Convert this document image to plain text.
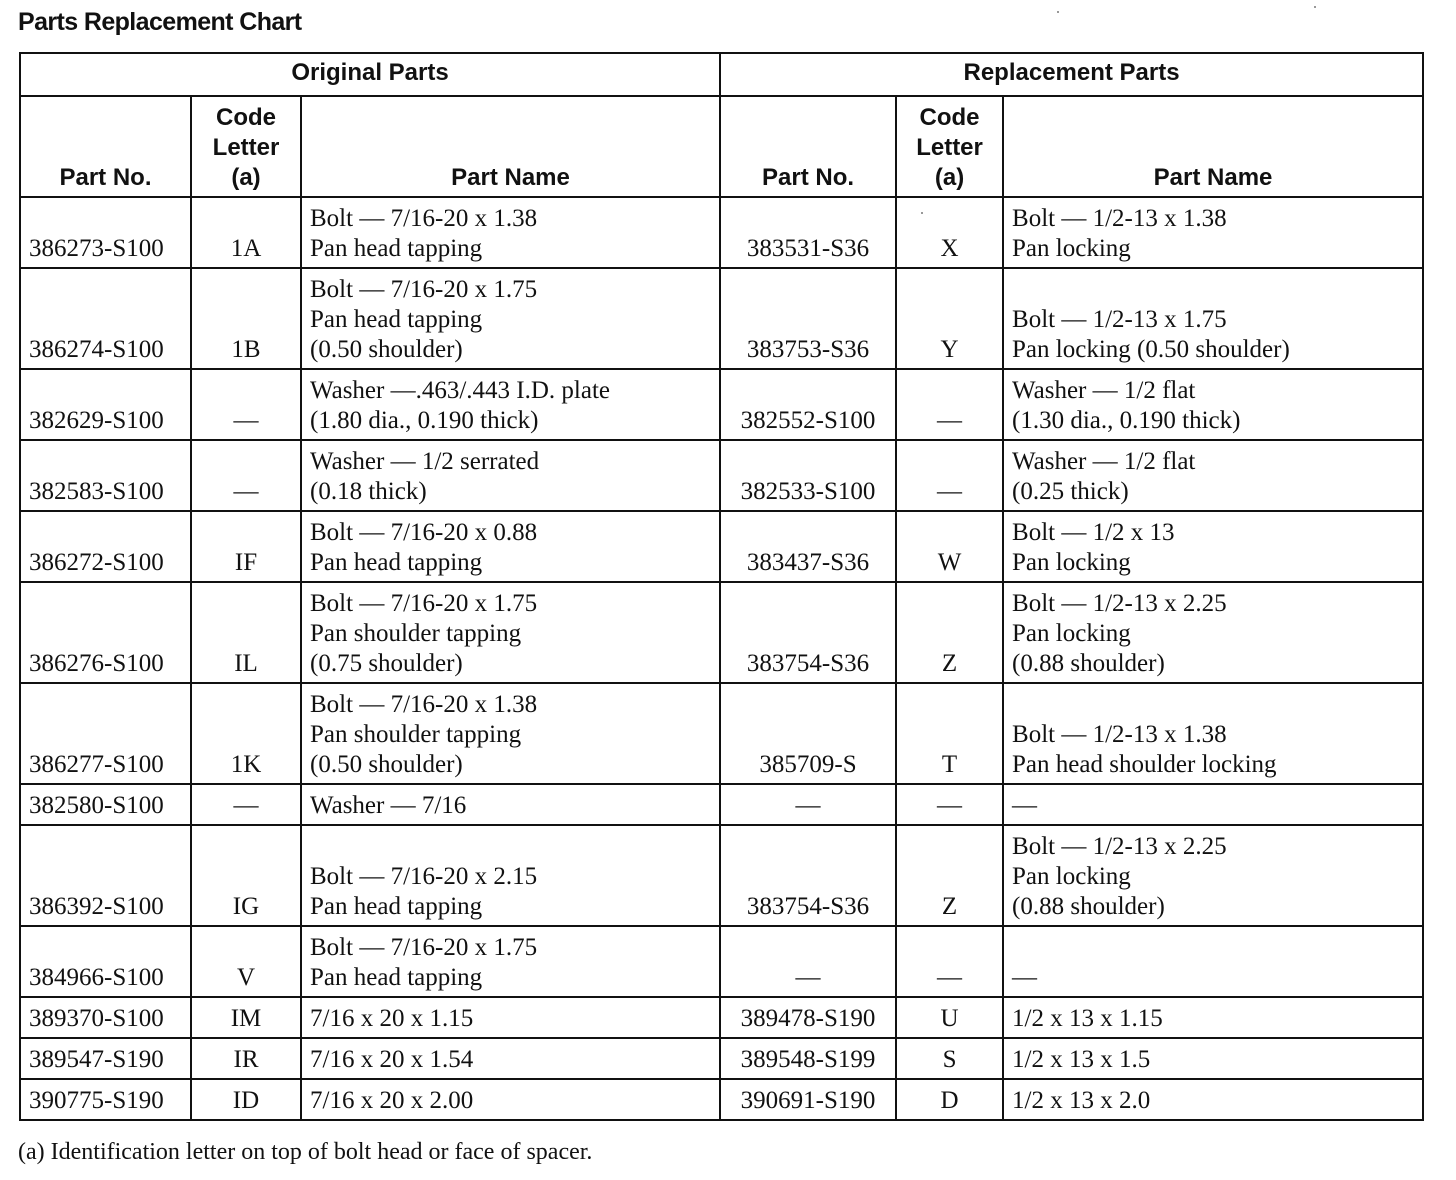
Parts Replacement Chart
Original Parts			Replacement Parts		
Part No.	Code
Letter
(a)	Part Name	Part No.	Code
Letter
(a)	Part Name
386273-S100	1A	Bolt — 7/16-20 x 1.38
Pan head tapping	383531-S36	X	Bolt — 1/2-13 x 1.38
Pan locking

386274-S100	1B	Bolt — 7/16-20 x 1.75
Pan head tapping
(0.50 shoulder)	383753-S36	Y	Bolt — 1/2-13 x 1.75
Pan locking (0.50 shoulder)

382629-S100	—	Washer —.463/.443 I.D. plate
(1.80 dia., 0.190 thick)	382552-S100	—	Washer — 1/2 flat
(1.30 dia., 0.190 thick)

382583-S100	—	Washer — 1/2 serrated
(0.18 thick)	382533-S100	—	Washer — 1/2 flat
(0.25 thick)

386272-S100	IF	Bolt — 7/16-20 x 0.88
Pan head tapping	383437-S36	W	Bolt — 1/2 x 13
Pan locking

386276-S100	IL	Bolt — 7/16-20 x 1.75
Pan shoulder tapping
(0.75 shoulder)	383754-S36	Z	Bolt — 1/2-13 x 2.25
Pan locking
(0.88 shoulder)

386277-S100	1K	Bolt — 7/16-20 x 1.38
Pan shoulder tapping
(0.50 shoulder)	385709-S	T	Bolt — 1/2-13 x 1.38
Pan head shoulder locking

382580-S100	—	Washer — 7/16	—	—	—

386392-S100	IG	Bolt — 7/16-20 x 2.15
Pan head tapping	383754-S36	Z	Bolt — 1/2-13 x 2.25
Pan locking
(0.88 shoulder)

384966-S100	V	Bolt — 7/16-20 x 1.75
Pan head tapping	—	—	—

389370-S100	IM	7/16 x 20 x 1.15	389478-S190	U	1/2 x 13 x 1.15

389547-S190	IR	7/16 x 20 x 1.54	389548-S199	S	1/2 x 13 x 1.5

390775-S190	ID	7/16 x 20 x 2.00	390691-S190	D	1/2 x 13 x 2.0
(a) Identification letter on top of bolt head or face of spacer.
